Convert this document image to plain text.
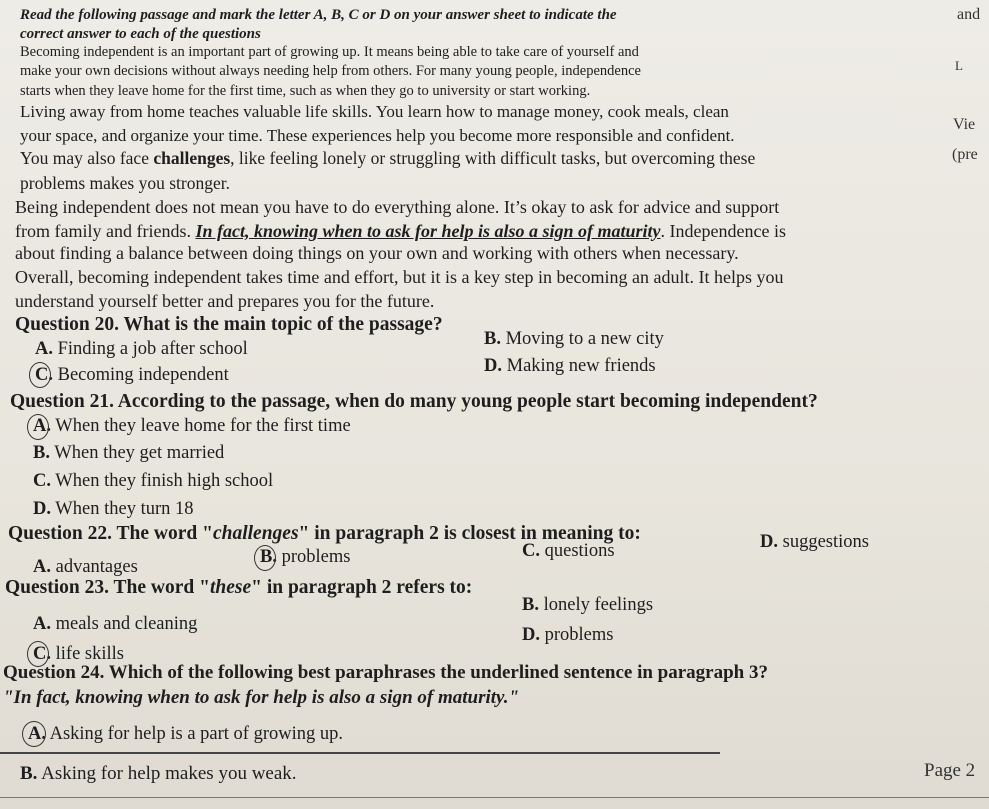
Read the following passage and mark the letter A, B, C or D on your answer sheet to indicate the
correct answer to each of the questions
Becoming independent is an important part of growing up. It means being able to take care of yourself and
make your own decisions without always needing help from others. For many young people, independence
starts when they leave home for the first time, such as when they go to university or start working.
Living away from home teaches valuable life skills. You learn how to manage money, cook meals, clean
your space, and organize your time. These experiences help you become more responsible and confident.
You may also face challenges, like feeling lonely or struggling with difficult tasks, but overcoming these
problems makes you stronger.
Being independent does not mean you have to do everything alone. It’s okay to ask for advice and support
from family and friends. In fact, knowing when to ask for help is also a sign of maturity. Independence is
about finding a balance between doing things on your own and working with others when necessary.
Overall, becoming independent takes time and effort, but it is a key step in becoming an adult. It helps you
understand yourself better and prepares you for the future.
Question 20. What is the main topic of the passage?
A. Finding a job after school	B. Moving to a new city
C. Becoming independent	D. Making new friends
Question 21. According to the passage, when do many young people start becoming independent?
A. When they leave home for the first time
B. When they get married
C. When they finish high school
D. When they turn 18
Question 22. The word "challenges" in paragraph 2 is closest in meaning to:
A. advantages	B. problems	C. questions	D. suggestions
Question 23. The word "these" in paragraph 2 refers to:
B. lonely feelings
A. meals and cleaning
D. problems
C. life skills
Question 24. Which of the following best paraphrases the underlined sentence in paragraph 3?
"In fact, knowing when to ask for help is also a sign of maturity."
A. Asking for help is a part of growing up.
B. Asking for help makes you weak.
and
L
Vie
(pre
Page 2
